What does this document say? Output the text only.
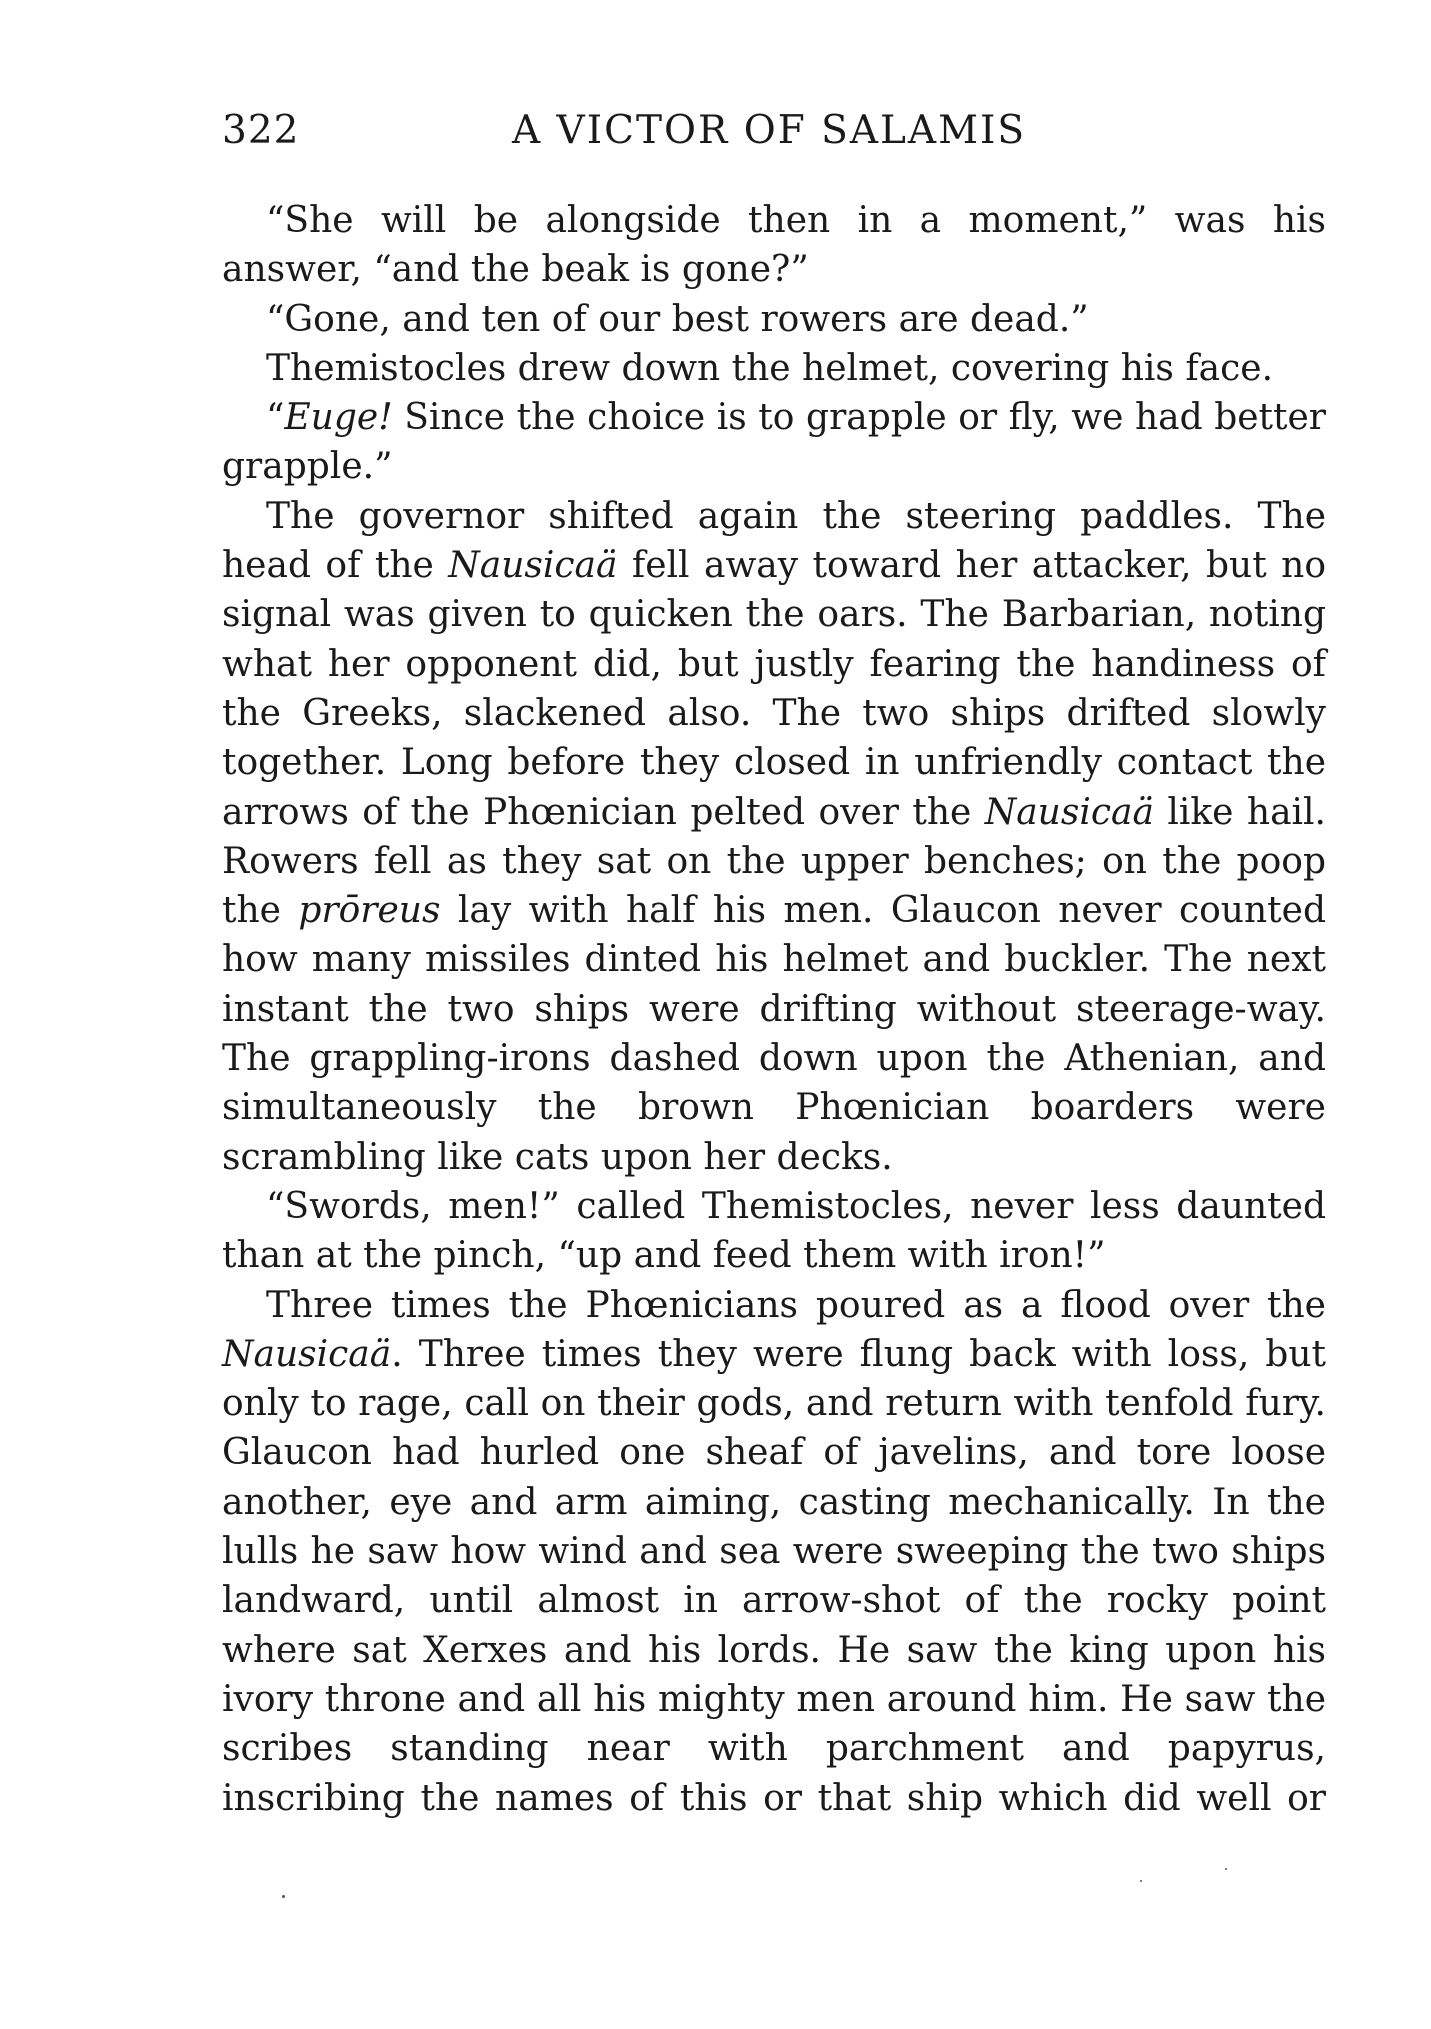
322	A VICTOR OF SALAMIS

“She will be alongside then in a moment,” was his answer, “and the beak is gone?”

“Gone, and ten of our best rowers are dead.”

Themistocles drew down the helmet, covering his face.

“Euge! Since the choice is to grapple or fly, we had better grapple.”

The governor shifted again the steering paddles. The head of the Nausicaä fell away toward her attacker, but no signal was given to quicken the oars. The Barbarian, noting what her opponent did, but justly fearing the handiness of the Greeks, slackened also. The two ships drifted slowly together. Long before they closed in unfriendly contact the arrows of the Phœnician pelted over the Nausicaä like hail. Rowers fell as they sat on the upper benches; on the poop the prōreus lay with half his men. Glaucon never counted how many missiles dinted his helmet and buckler. The next instant the two ships were drifting without steerage-way. The grappling-irons dashed down upon the Athenian, and simultaneously the brown Phœnician boarders were scrambling like cats upon her decks.

“Swords, men!” called Themistocles, never less daunted than at the pinch, “up and feed them with iron!”

Three times the Phœnicians poured as a flood over the Nausicaä. Three times they were flung back with loss, but only to rage, call on their gods, and return with tenfold fury. Glaucon had hurled one sheaf of javelins, and tore loose another, eye and arm aiming, casting mechanically. In the lulls he saw how wind and sea were sweeping the two ships landward, until almost in arrow-shot of the rocky point where sat Xerxes and his lords. He saw the king upon his ivory throne and all his mighty men around him. He saw the scribes standing near with parchment and papyrus, inscribing the names of this or that ship which did well or
